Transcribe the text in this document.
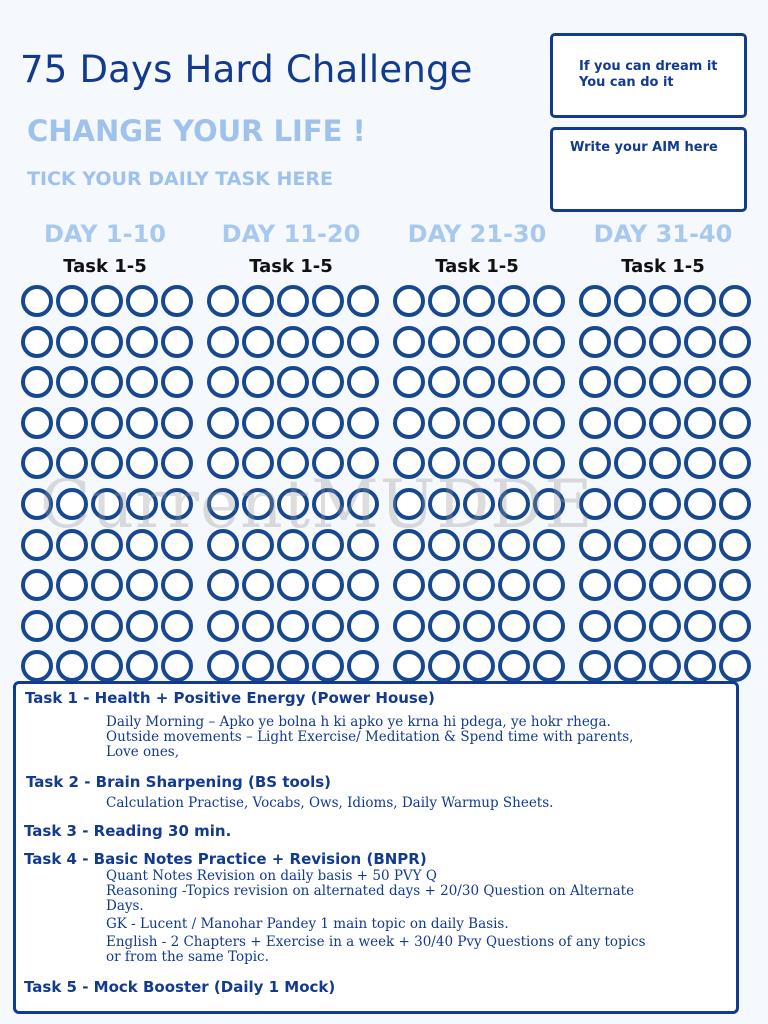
75 Days Hard Challenge
CHANGE YOUR LIFE !
TICK YOUR DAILY TASK HERE
If you can dream it
You can do it
Write your AIM here
DAY 1-10	DAY 11-20	DAY 21-30	DAY 31-40
Task 1-5	Task 1-5	Task 1-5	Task 1-5
CurrentMUDDE
Task 1 - Health + Positive Energy (Power House)
Daily Morning – Apko ye bolna h ki apko ye krna hi pdega, ye hokr rhega.
Outside movements – Light Exercise/ Meditation & Spend time with parents,
Love ones,
Task 2 - Brain Sharpening (BS tools)
Calculation Practise, Vocabs, Ows, Idioms, Daily Warmup Sheets.
Task 3 - Reading 30 min.
Task 4 - Basic Notes Practice + Revision (BNPR)
Quant Notes Revision on daily basis + 50 PVY Q
Reasoning -Topics revision on alternated days + 20/30 Question on Alternate
Days.
GK - Lucent / Manohar Pandey 1 main topic on daily Basis.
English - 2 Chapters + Exercise in a week + 30/40 Pvy Questions of any topics
or from the same Topic.
Task 5 - Mock Booster (Daily 1 Mock)
